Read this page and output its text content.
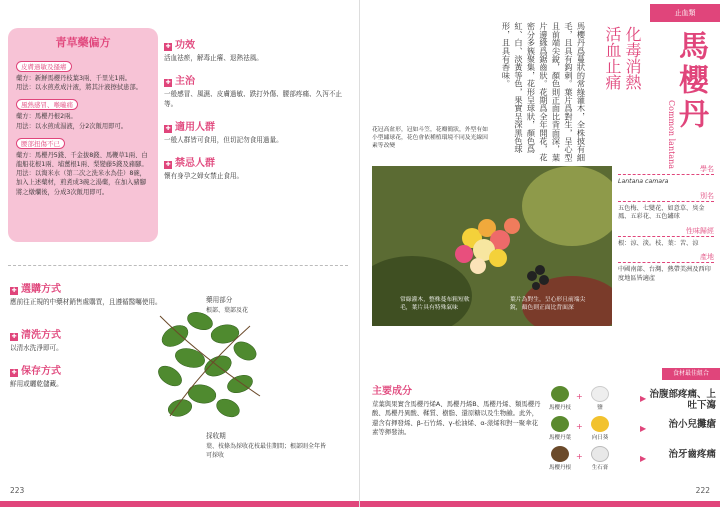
青草藥偏方
皮膚過敏及搔癢
藥方：新鮮馬櫻丹枝葉3兩、千里光1兩。
用法：以水煎煮成汁液，將其汁液擦拭患部。
風熱感冒、喉嚨痛
藥方：馬櫻丹根2兩。
用法：以水煎成湯液，分2次飯用即可。
腰部扭傷不已
藥方：馬櫻丹5錢、千金拔8錢、馬鞭草1兩、白龍船花根1兩、埔薑根1兩、梨變藤5錢及豬腳。
用法：以淘米水（第二次之洗米水為佳）8碗，加入上述藥材，煎煮成3碗之湯藥，在加入豬腳將之燉爛後，分成3次飯用即可。
✚ 功效
活血祛瘀，解毒止癢、退熱祛風。
✚ 主治
一般感冒、風濕、皮膚過敏、跌打外傷、腰部疼痛、久泻不止等。
✚ 適用人群
一般人群皆可食用，但切記勿食用過量。
✚ 禁忌人群
懷有身孕之婦女禁止食用。
✚ 選購方式
應前往正規的中藥材銷售處購買，且遵循醫囑使用。
✚ 清洗方式
以清水洗淨即可。
✚ 保存方式
鮮用或曬乾儲藏。
藥用部分
根部、葉部及花
採收期
葉、枝條為採收花枝最佳期間；根部則全年皆可採收
223
止血類
馬櫻丹
Common lantana
化毒消熱
活血止痛
馬櫻丹爲蔓狀的常綠灌木，全株披有細毛，且具有鈎刺。葉片爲對生，呈心型且前端尖銳，顏色則正面比背面深，葉片邊緣爲鋸齒狀。花期爲全年開花，花密分多簇聚集，花形呈球狀，顏色爲紅、白、淡黃等色，果實呈深黑色球形，且具有香味。
學名
Lantana camara
別名
五色梅、七變花、如意草、臭金鳳、五彩花、五色繡球
性味歸經
根：涼、淡。枝、葉：苦、涼
產地
中國南部、台灣、熱帶美洲及西印度地區皆適產
花冠高盆形，冠如斗笠，花瓣簡狀，外型有如小型繡球花，花色會依種植環境不同及光線因素等改變
常綠灌木，整株蔓布粗短軟毛，葉片具有特殊氣味
葉片為對生，呈心形且前端尖銳，顏色則正面比背面深
主要成分
莖葉與果實含馬櫻丹烯A、馬櫻丹烯B、馬櫻丹烯、類馬櫻丹酸、馬櫻丹異酸、鞣質、樹脂、還原糖以及生物鹼。此外，還含有揮發烯、β-石竹烯、γ-松油烯、α-蒎烯和對一聚傘花素等揮發油。
食材最佳組合
馬櫻丹枝
+
鹽
▶ 治腹部疼痛、上吐下瀉
馬櫻丹葉
+
向日葵
▶	治小兒攤瘡
馬櫻丹根
+
生石膏
▶	治牙齒疼痛
222
